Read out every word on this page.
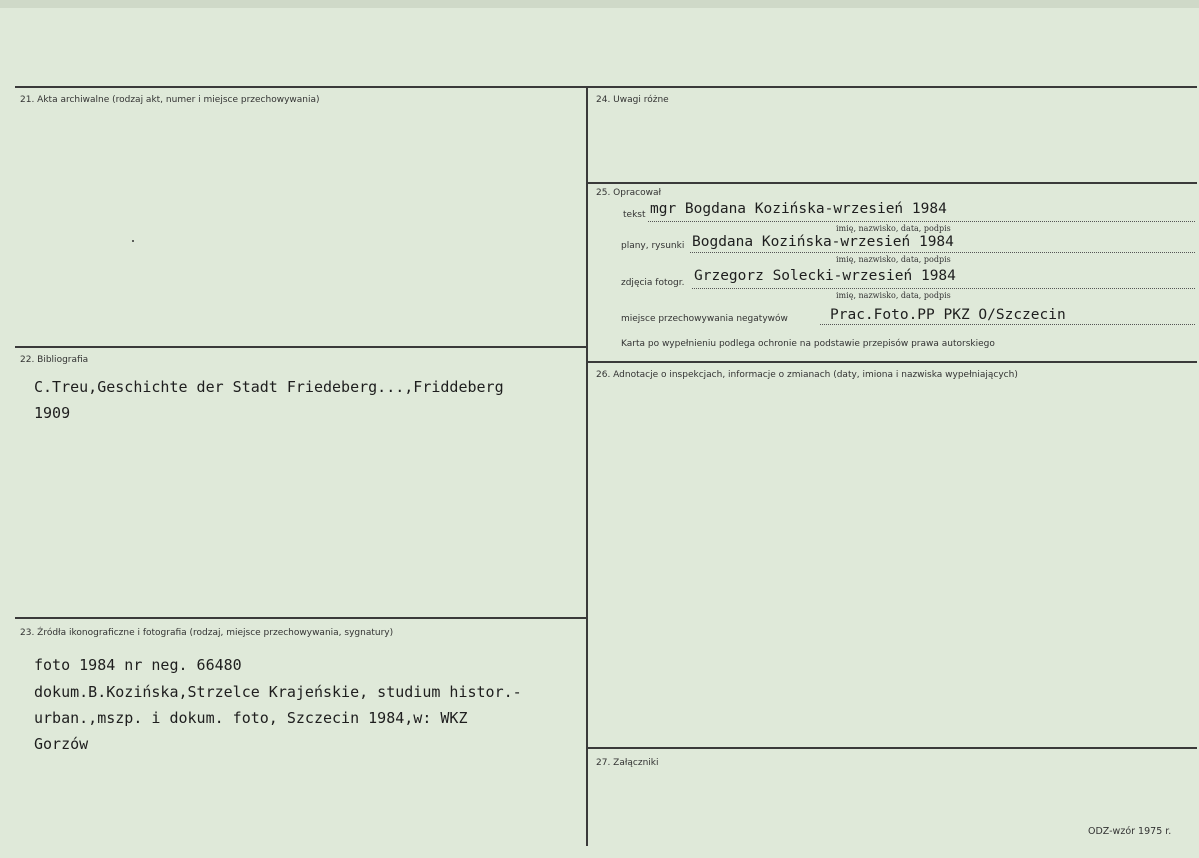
21. Akta archiwalne (rodzaj akt, numer i miejsce przechowywania)
22. Bibliografia
C.Treu,Geschichte der Stadt Friedeberg...,Friddeberg
1909
23. Źródła ikonograficzne i fotografia (rodzaj, miejsce przechowywania, sygnatury)
foto 1984 nr neg. 66480
dokum.B.Kozińska,Strzelce Krajeńskie, studium histor.-
urban.,mszp. i dokum. foto, Szczecin 1984,w: WKZ
Gorzów
24. Uwagi różne
25. Opracował
tekst mgr Bogdana Kozińska-wrzesień 1984
imię, nazwisko, data, podpis
plany, rysunki Bogdana Kozińska-wrzesień 1984
imię, nazwisko, data, podpis
zdjęcia fotogr. Grzegorz Solecki-wrzesień 1984
imię, nazwisko, data, podpis
miejsce przechowywania negatywów	Prac.Foto.PP PKZ O/Szczecin
Karta po wypełnieniu podlega ochronie na podstawie przepisów prawa autorskiego
26. Adnotacje o inspekcjach, informacje o zmianach (daty, imiona i nazwiska wypełniających)
27. Załączniki
ODZ-wzór 1975 r.
